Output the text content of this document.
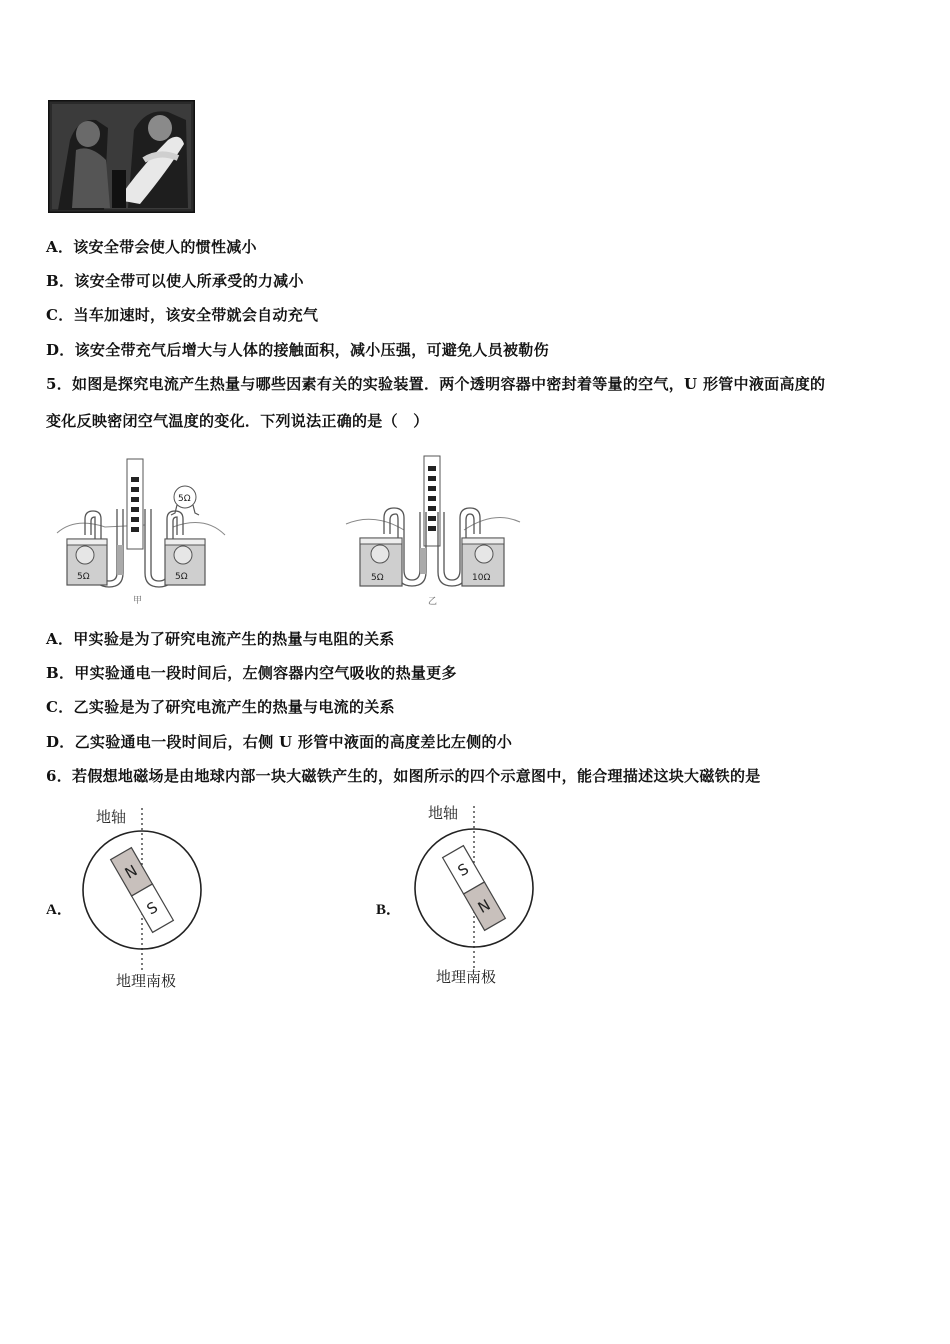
A．该安全带会使人的惯性减小
B．该安全带可以使人所承受的力减小
C．当车加速时，该安全带就会自动充气
D．该安全带充气后增大与人体的接触面积，减小压强，可避免人员被勒伤
5．如图是探究电流产生热量与哪些因素有关的实验装置．两个透明容器中密封着等量的空气，U 形管中液面高度的
变化反映密闭空气温度的变化．下列说法正确的是（　）
5Ω
5Ω	5Ω
甲
5Ω	10Ω
乙
A．甲实验是为了研究电流产生的热量与电阻的关系
B．甲实验通电一段时间后，左侧容器内空气吸收的热量更多
C．乙实验是为了研究电流产生的热量与电流的关系
D．乙实验通电一段时间后，右侧 U 形管中液面的高度差比左侧的小
6．若假想地磁场是由地球内部一块大磁铁产生的，如图所示的四个示意图中，能合理描述这块大磁铁的是
A．
地轴
N
S
地理南极
B．
地轴
S
N
地理南极
